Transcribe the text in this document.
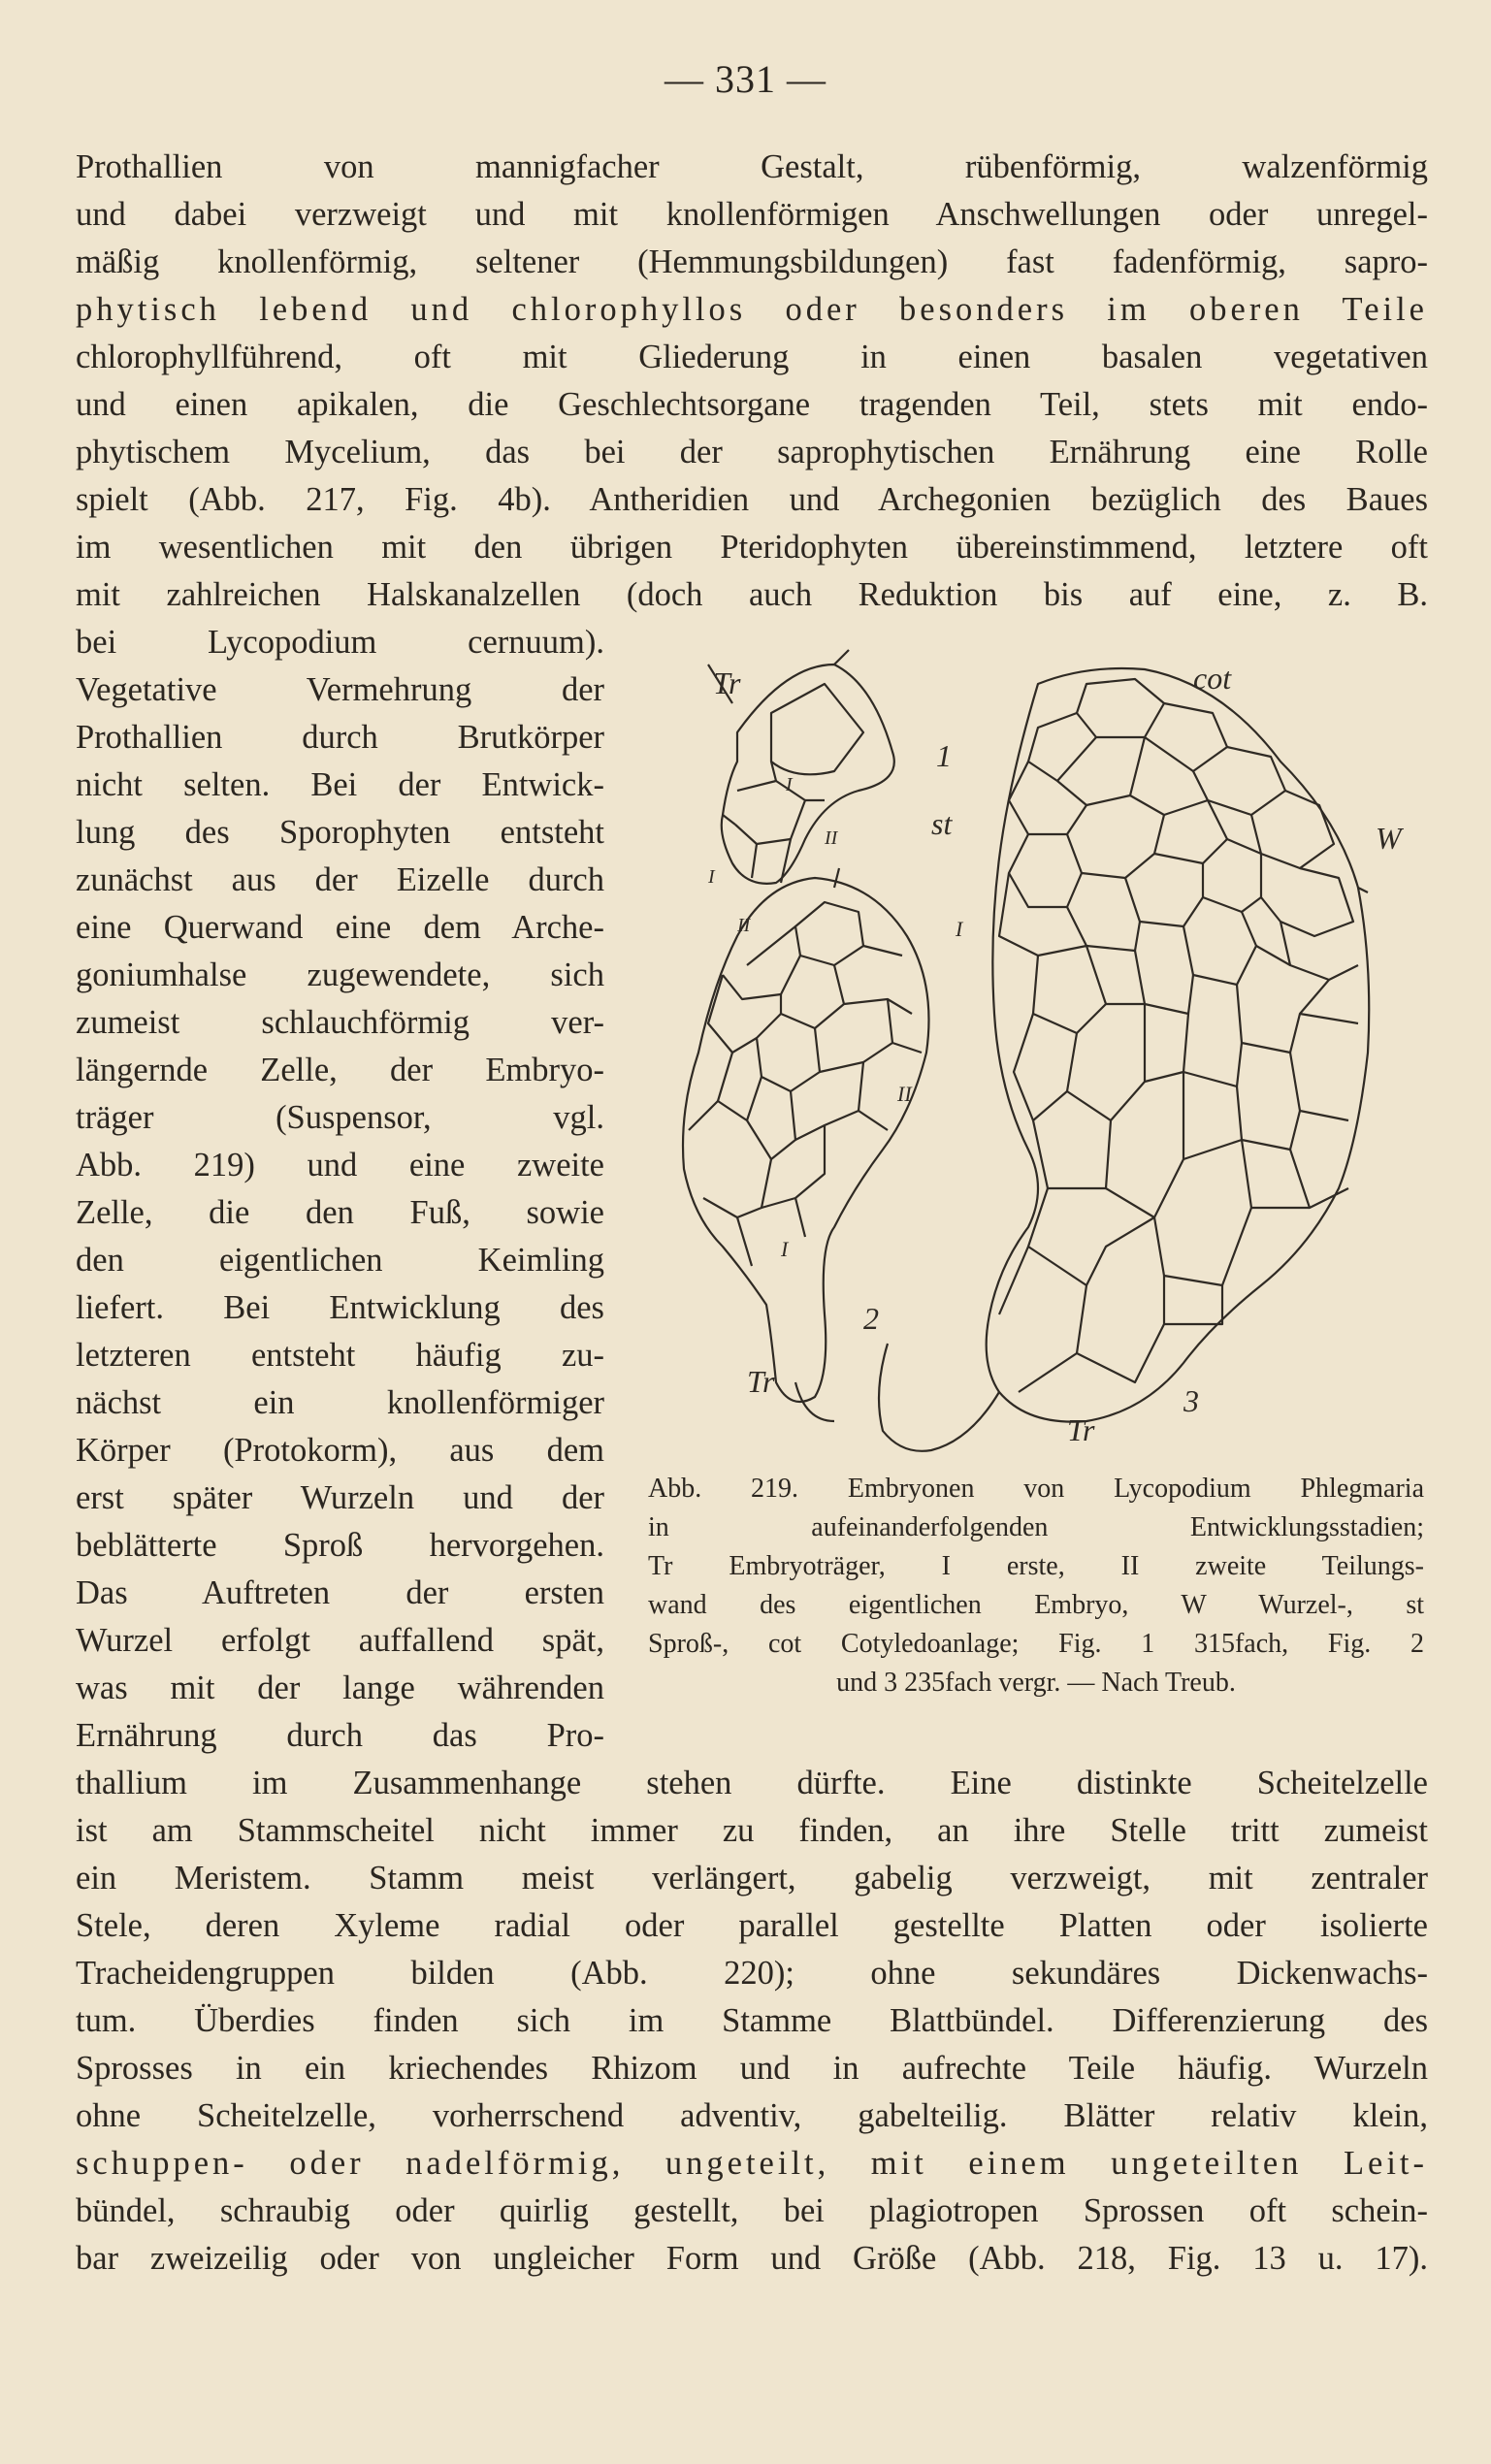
— 331 —
Prothallien von mannigfacher Gestalt, rübenförmig, walzenförmig
und dabei verzweigt und mit knollenförmigen Anschwellungen oder unregel-
mäßig knollenförmig, seltener (Hemmungsbildungen) fast fadenförmig, sapro-
phytisch lebend und chlorophyllos oder besonders im oberen Teile
chlorophyllführend, oft mit Gliederung in einen basalen vegetativen
und einen apikalen, die Geschlechtsorgane tragenden Teil, stets mit endo-
phytischem Mycelium, das bei der saprophytischen Ernährung eine Rolle
spielt (Abb. 217, Fig. 4b). Antheridien und Archegonien bezüglich des Baues
im wesentlichen mit den übrigen Pteridophyten übereinstimmend, letztere oft
mit zahlreichen Halskanalzellen (doch auch Reduktion bis auf eine, z. B.
bei Lycopodium cernuum).
Vegetative Vermehrung der
Prothallien durch Brutkörper
nicht selten. Bei der Entwick-
lung des Sporophyten entsteht
zunächst aus der Eizelle durch
eine Querwand eine dem Arche-
goniumhalse zugewendete, sich
zumeist schlauchförmig ver-
längernde Zelle, der Embryo-
träger (Suspensor, vgl.
Abb. 219) und eine zweite
Zelle, die den Fuß, sowie
den eigentlichen Keimling
liefert. Bei Entwicklung des
letzteren entsteht häufig zu-
nächst ein knollenförmiger
Körper (Protokorm), aus dem
erst später Wurzeln und der
beblätterte Sproß hervorgehen.
Das Auftreten der ersten
Wurzel erfolgt auffallend spät,
was mit der lange währenden
Ernährung durch das Pro-
thallium im Zusammenhange stehen dürfte. Eine distinkte Scheitelzelle
ist am Stammscheitel nicht immer zu finden, an ihre Stelle tritt zumeist
ein Meristem. Stamm meist verlängert, gabelig verzweigt, mit zentraler
Stele, deren Xyleme radial oder parallel gestellte Platten oder isolierte
Tracheidengruppen bilden (Abb. 220); ohne sekundäres Dickenwachs-
tum. Überdies finden sich im Stamme Blattbündel. Differenzierung des
Sprosses in ein kriechendes Rhizom und in aufrechte Teile häufig. Wurzeln
ohne Scheitelzelle, vorherrschend adventiv, gabelteilig. Blätter relativ klein,
schuppen- oder nadelförmig, ungeteilt, mit einem ungeteilten Leit-
bündel, schraubig oder quirlig gestellt, bei plagiotropen Sprossen oft schein-
bar zweizeilig oder von ungleicher Form und Größe (Abb. 218, Fig. 13 u. 17).
Tr
1
cot
st	W
I
II
I
II	I
II
I
2
3
Tr
Tr
Abb. 219. Embryonen von Lycopodium Phlegmaria
in aufeinanderfolgenden Entwicklungsstadien;
Tr Embryoträger, I erste, II zweite Teilungs-
wand des eigentlichen Embryo, W Wurzel-, st
Sproß-, cot Cotyledoanlage; Fig. 1 315fach, Fig. 2
und 3 235fach vergr. — Nach Treub.
